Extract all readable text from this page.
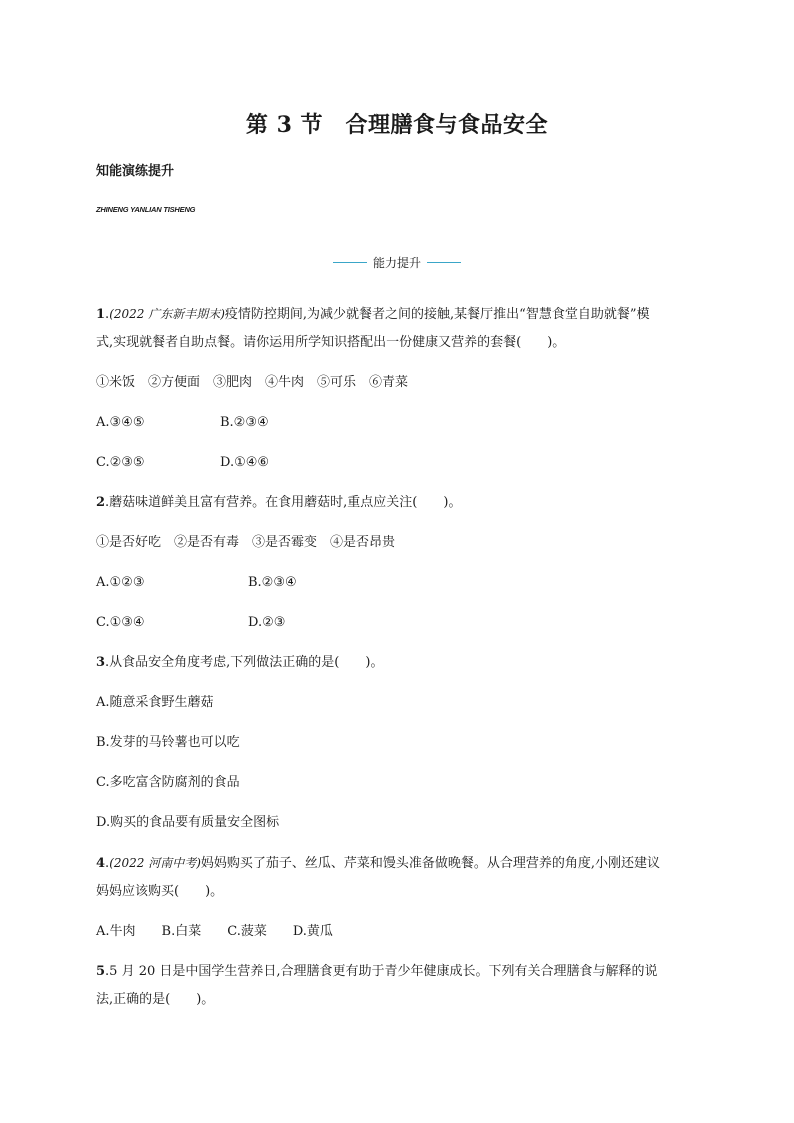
第 3 节　合理膳食与食品安全
知能演练提升
ZHINENG YANLIAN TISHENG
能力提升

1.(2022 广东新丰期末)疫情防控期间,为减少就餐者之间的接触,某餐厅推出“智慧食堂自助就餐”模

式,实现就餐者自助点餐。请你运用所学知识搭配出一份健康又营养的套餐(　　)。

①米饭　②方便面　③肥肉　④牛肉　⑤可乐　⑥青菜

A.③④⑤	B.②③④

C.②③⑤	D.①④⑥

2.蘑菇味道鲜美且富有营养。在食用蘑菇时,重点应关注(　　)。

①是否好吃　②是否有毒　③是否霉变　④是否昂贵

A.①②③	B.②③④

C.①③④	D.②③

3.从食品安全角度考虑,下列做法正确的是(　　)。

A.随意采食野生蘑菇

B.发芽的马铃薯也可以吃

C.多吃富含防腐剂的食品

D.购买的食品要有质量安全图标

4.(2022 河南中考)妈妈购买了茄子、丝瓜、芹菜和馒头准备做晚餐。从合理营养的角度,小刚还建议

妈妈应该购买(　　)。

A.牛肉 B.白菜 C.菠菜 D.黄瓜

5.5 月 20 日是中国学生营养日,合理膳食更有助于青少年健康成长。下列有关合理膳食与解释的说

法,正确的是(　　)。
